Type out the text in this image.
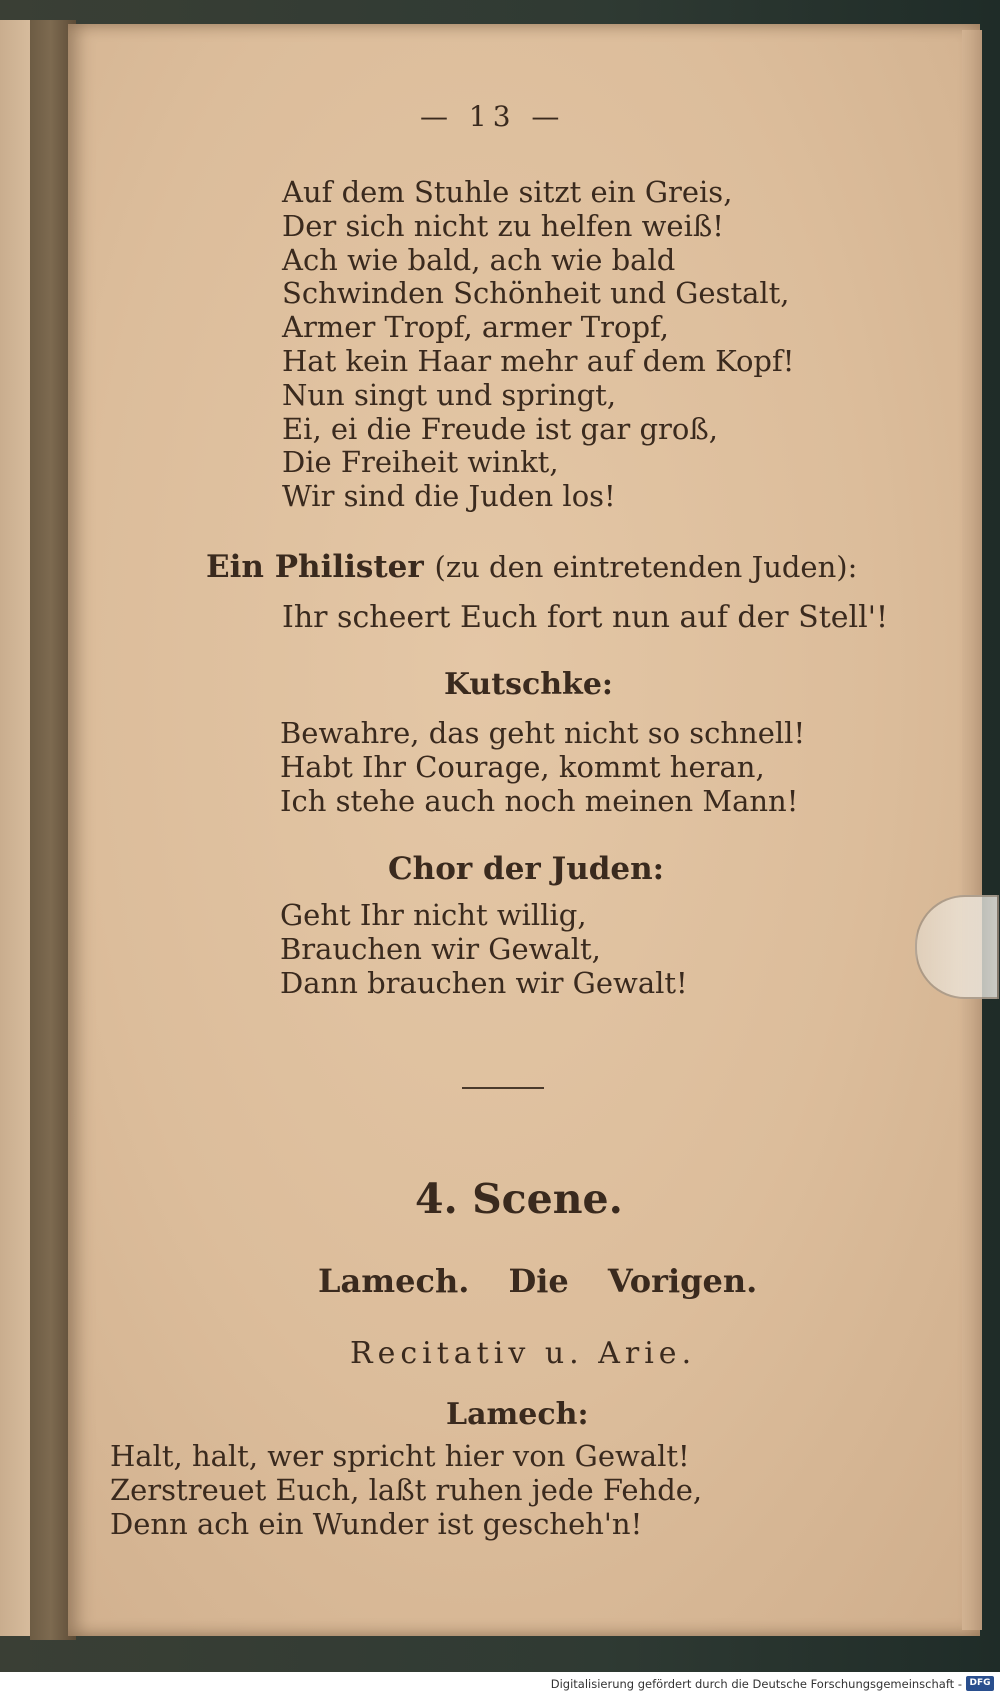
— 13 —
Auf dem Stuhle sitzt ein Greis,
Der sich nicht zu helfen weiß!
Ach wie bald, ach wie bald
Schwinden Schönheit und Gestalt,
Armer Tropf, armer Tropf,
Hat kein Haar mehr auf dem Kopf!
Nun singt und springt,
Ei, ei die Freude ist gar groß,
Die Freiheit winkt,
Wir sind die Juden los!
Ein Philister (zu den eintretenden Juden):
Ihr scheert Euch fort nun auf der Stell'!
Kutschke:
Bewahre, das geht nicht so schnell!
Habt Ihr Courage, kommt heran,
Ich stehe auch noch meinen Mann!
Chor der Juden:
Geht Ihr nicht willig,
Brauchen wir Gewalt,
Dann brauchen wir Gewalt!
4. Scene.
Lamech. Die Vorigen.
Recitativ u. Arie.
Lamech:
Halt, halt, wer spricht hier von Gewalt!
Zerstreuet Euch, laßt ruhen jede Fehde,
Denn ach ein Wunder ist gescheh'n!
Digitalisierung gefördert durch die Deutsche Forschungsgemeinschaft - DFG
